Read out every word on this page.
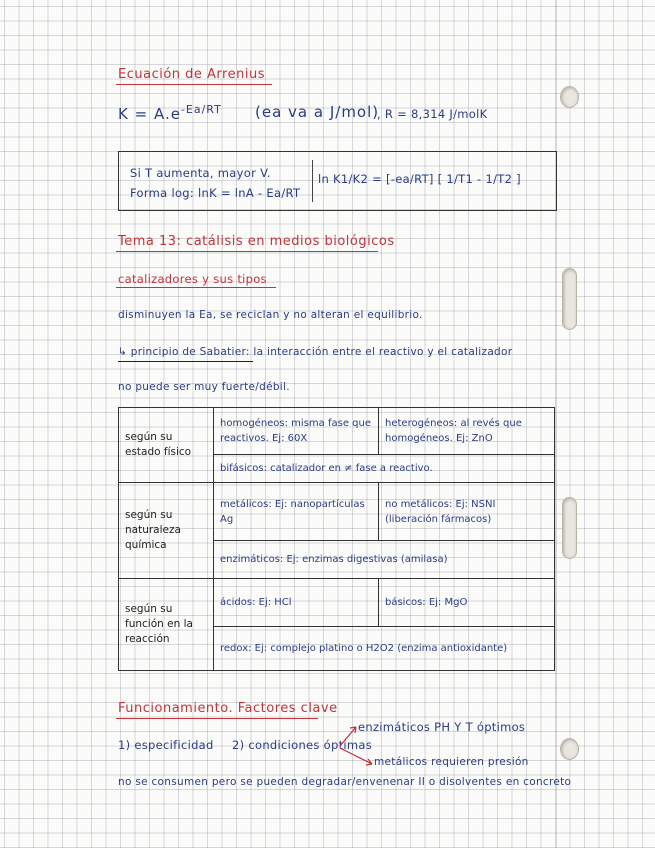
Ecuación de Arrenius
$K = A.e^{-Ea/RT}$ (ea va a J/mol)
, R = 8,314 J/molK
Si T aumenta, mayor V.
Forma log: lnK = lnA - Ea/RT
ln K1/K2 = [-ea/RT] [ 1/T1 - 1/T2 ]
Tema 13: catálisis en medios biológicos
catalizadores y sus tipos
disminuyen la Ea, se reciclan y no alteran el equilibrio.
↳ principio de Sabatier: la interacción entre el reactivo y el catalizador
no puede ser muy fuerte/débil.
según su estado físico	homogéneos: misma fase que reactivos. Ej: 60X	heterogéneos: al revés que homogéneos. Ej: ZnO
	bifásicos: catalizador en ≠ fase a reactivo.	
según su naturaleza química	metálicos: Ej: nanopartículas Ag	no metálicos: Ej: NSNI (liberación fármacos)
	enzimáticos: Ej: enzimas digestivas (amilasa)	
según su función en la reacción	ácidos: Ej: HCl	básicos: Ej: MgO
	redox: Ej: complejo platino o H2O2 (enzima antioxidante)	
Funcionamiento. Factores clave
enzimáticos PH Y T óptimos
1) especificidad 2) condiciones óptimas
metálicos requieren presión
no se consumen pero se pueden degradar/envenenar II o disolventes en concreto
